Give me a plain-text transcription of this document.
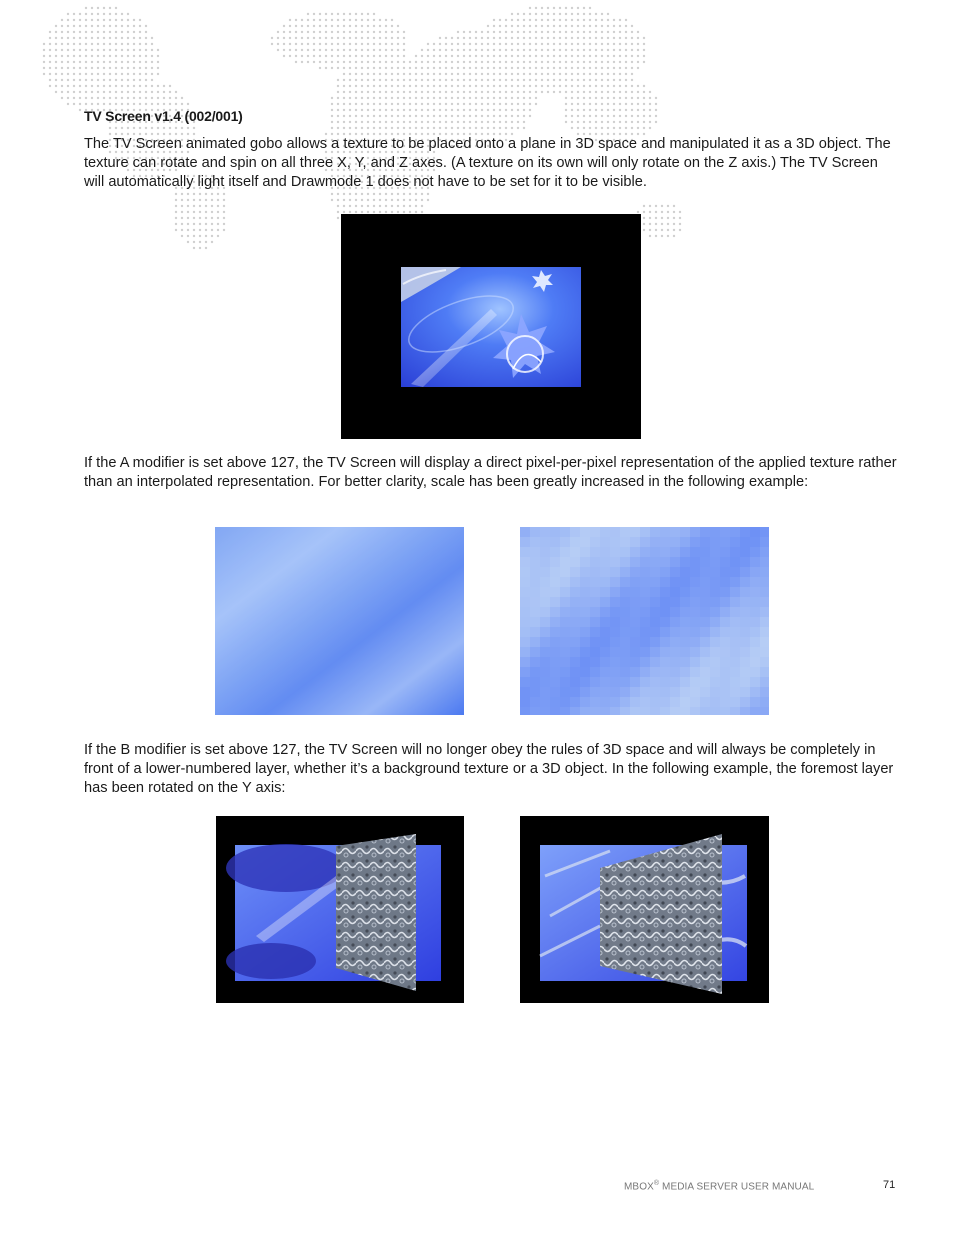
TV Screen v1.4 (002/001)

The TV Screen animated gobo allows a texture to be placed onto a plane in 3D space and manipulated it as a 3D object. The texture can rotate and spin on all three X, Y, and Z axes. (A texture on its own will only rotate on the Z axis.) The TV Screen will automatically light itself and Drawmode 1 does not have to be set for it to be visible.

If the A modifier is set above 127, the TV Screen will display a direct pixel-per-pixel representation of the applied texture rather than an interpolated representation. For better clarity, scale has been greatly increased in the following example:

If the B modifier is set above 127, the TV Screen will no longer obey the rules of 3D space and will always be completely in front of a lower-numbered layer, whether it’s a background texture or a 3D object. In the following example, the foremost layer has been rotated on the Y axis:

MBOX® MEDIA SERVER USER MANUAL	71
